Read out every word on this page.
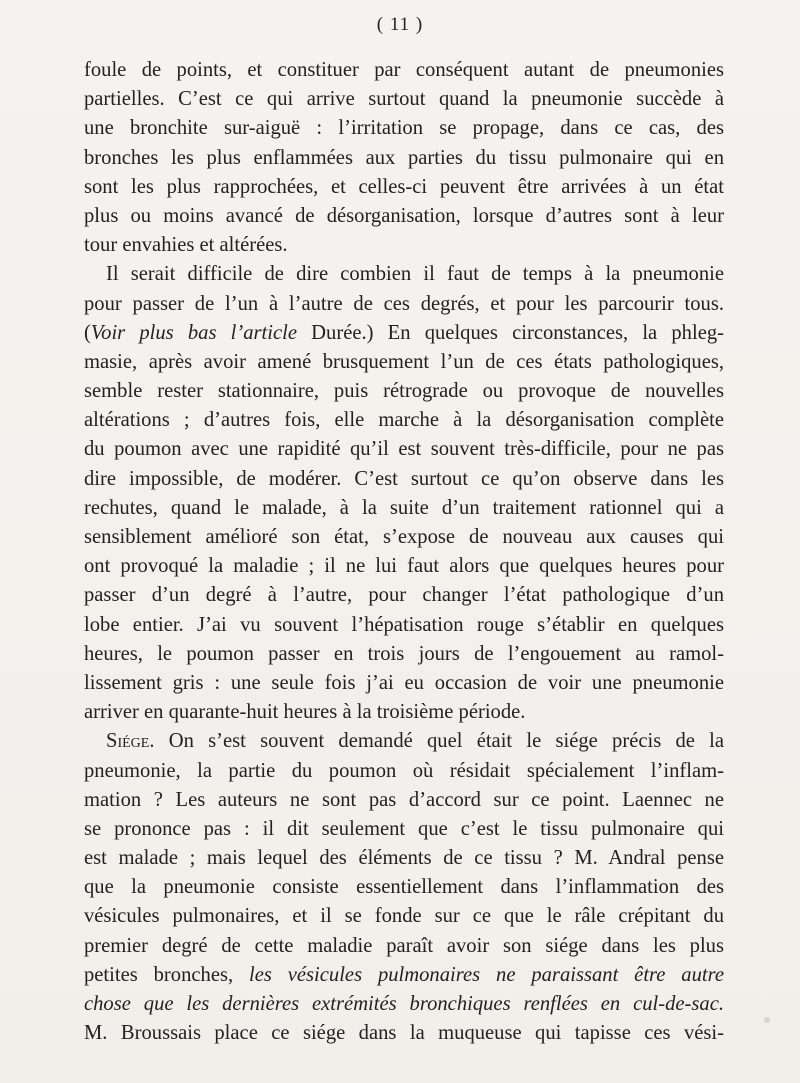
( 11 )
foule de points, et constituer par conséquent autant de pneumonies
partielles. C’est ce qui arrive surtout quand la pneumonie succède à
une bronchite sur-aiguë : l’irritation se propage, dans ce cas, des
bronches les plus enflammées aux parties du tissu pulmonaire qui en
sont les plus rapprochées, et celles-ci peuvent être arrivées à un état
plus ou moins avancé de désorganisation, lorsque d’autres sont à leur
tour envahies et altérées.
Il serait difficile de dire combien il faut de temps à la pneumonie
pour passer de l’un à l’autre de ces degrés, et pour les parcourir tous.
(Voir plus bas l’article Durée.) En quelques circonstances, la phleg-
masie, après avoir amené brusquement l’un de ces états pathologiques,
semble rester stationnaire, puis rétrograde ou provoque de nouvelles
altérations ; d’autres fois, elle marche à la désorganisation complète
du poumon avec une rapidité qu’il est souvent très-difficile, pour ne pas
dire impossible, de modérer. C’est surtout ce qu’on observe dans les
rechutes, quand le malade, à la suite d’un traitement rationnel qui a
sensiblement amélioré son état, s’expose de nouveau aux causes qui
ont provoqué la maladie ; il ne lui faut alors que quelques heures pour
passer d’un degré à l’autre, pour changer l’état pathologique d’un
lobe entier. J’ai vu souvent l’hépatisation rouge s’établir en quelques
heures, le poumon passer en trois jours de l’engouement au ramol-
lissement gris : une seule fois j’ai eu occasion de voir une pneumonie
arriver en quarante-huit heures à la troisième période.
Siége. On s’est souvent demandé quel était le siége précis de la
pneumonie, la partie du poumon où résidait spécialement l’inflam-
mation ? Les auteurs ne sont pas d’accord sur ce point. Laennec ne
se prononce pas : il dit seulement que c’est le tissu pulmonaire qui
est malade ; mais lequel des éléments de ce tissu ? M. Andral pense
que la pneumonie consiste essentiellement dans l’inflammation des
vésicules pulmonaires, et il se fonde sur ce que le râle crépitant du
premier degré de cette maladie paraît avoir son siége dans les plus
petites bronches, les vésicules pulmonaires ne paraissant être autre
chose que les dernières extrémités bronchiques renflées en cul-de-sac.
M. Broussais place ce siége dans la muqueuse qui tapisse ces vési-
